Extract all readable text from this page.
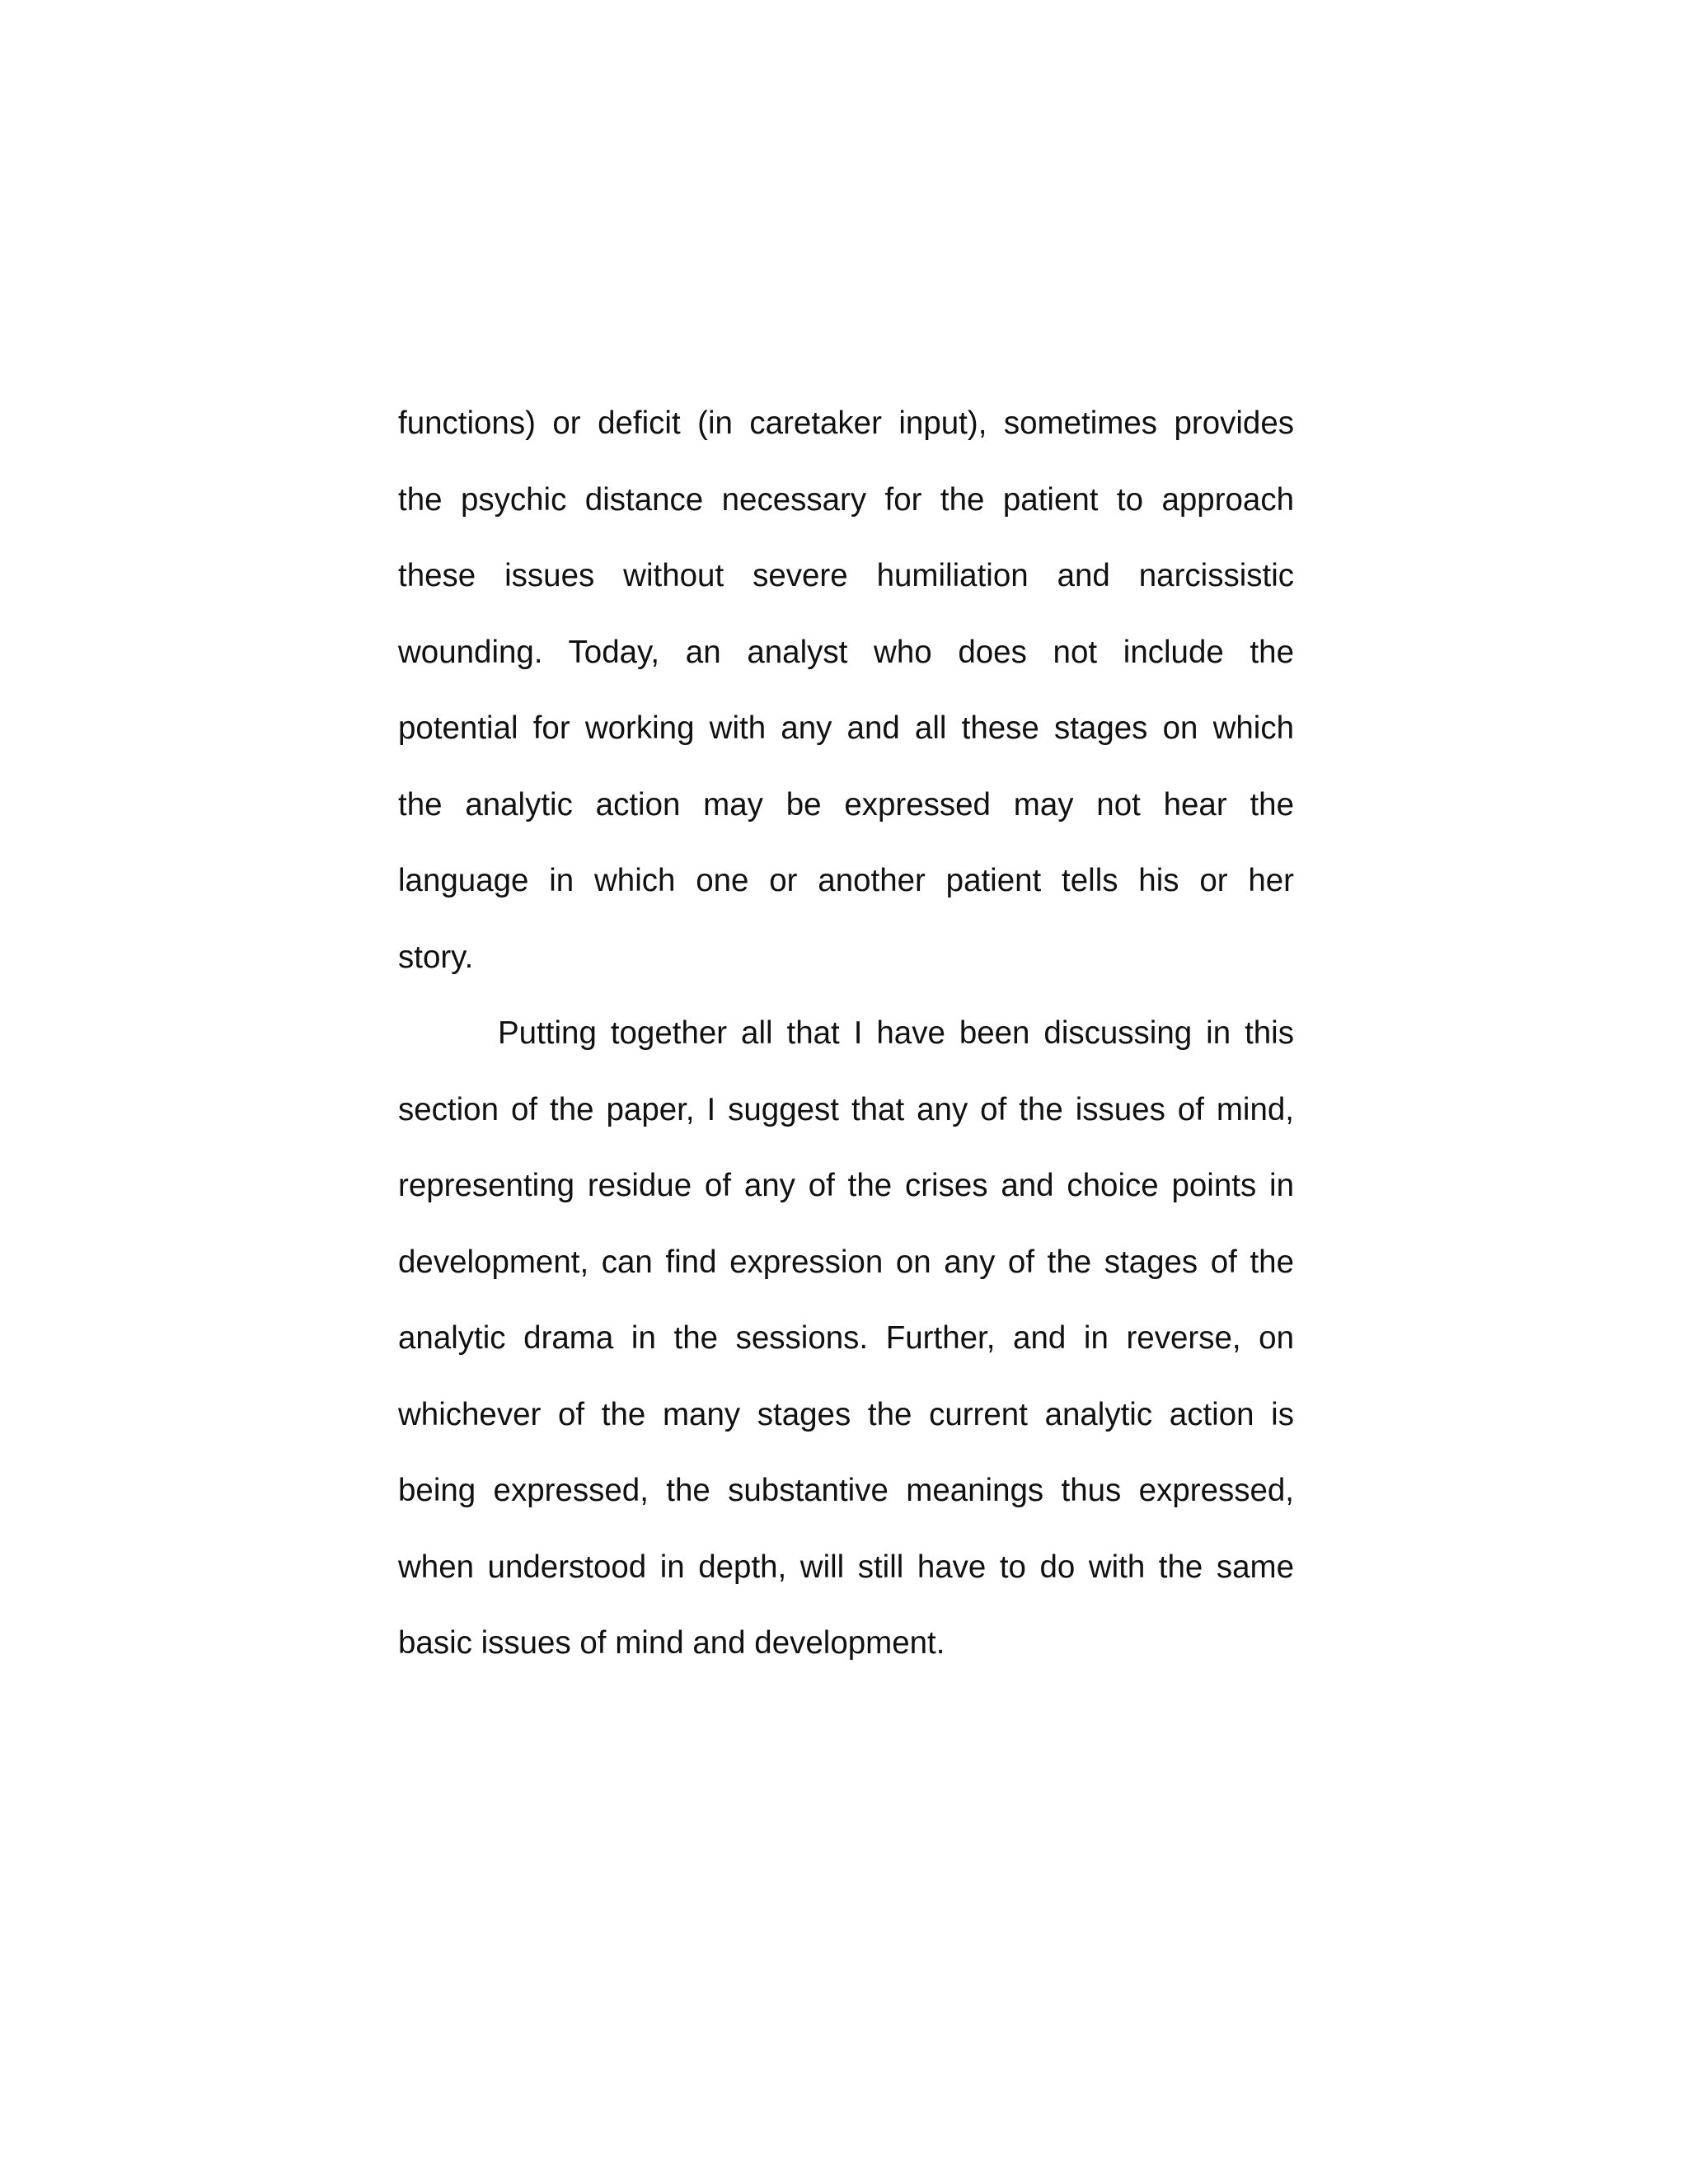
functions) or deficit (in caretaker input), sometimes provides
the psychic distance necessary for the patient to approach
these issues without severe humiliation and narcissistic
wounding. Today, an analyst who does not include the
potential for working with any and all these stages on which
the analytic action may be expressed may not hear the
language in which one or another patient tells his or her
story.
Putting together all that I have been discussing in this
section of the paper, I suggest that any of the issues of mind,
representing residue of any of the crises and choice points in
development, can find expression on any of the stages of the
analytic drama in the sessions. Further, and in reverse, on
whichever of the many stages the current analytic action is
being expressed, the substantive meanings thus expressed,
when understood in depth, will still have to do with the same
basic issues of mind and development.
